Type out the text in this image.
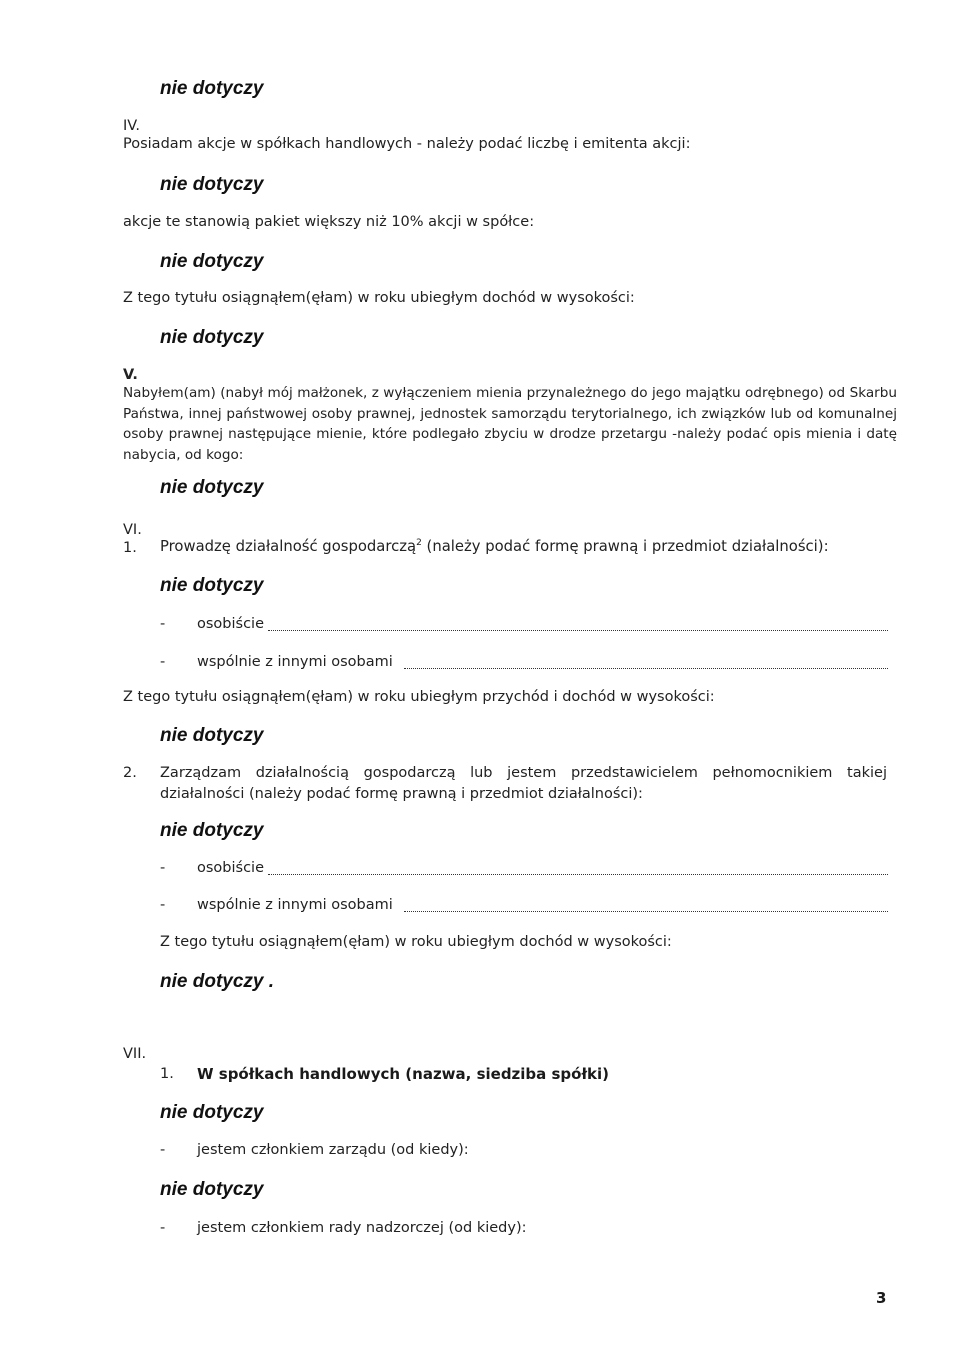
nie dotyczy
IV.
Posiadam akcje w spółkach handlowych - należy podać liczbę i emitenta akcji:
nie dotyczy
akcje te stanowią pakiet większy niż 10% akcji w spółce:
nie dotyczy
Z tego tytułu osiągnąłem(ęłam) w roku ubiegłym dochód w wysokości:
nie dotyczy
V.
Nabyłem(am) (nabył mój małżonek, z wyłączeniem mienia przynależnego do jego majątku odrębnego) od Skarbu Państwa, innej państwowej osoby prawnej, jednostek samorządu terytorialnego, ich związków lub od komunalnej osoby prawnej następujące mienie, które podlegało zbyciu w drodze przetargu -należy podać opis mienia i datę nabycia, od kogo:
nie dotyczy
VI.
1. Prowadzę działalność gospodarczą$^2$ (należy podać formę prawną i przedmiot działalności):
nie dotyczy
- osobiście
- wspólnie z innymi osobami
Z tego tytułu osiągnąłem(ęłam) w roku ubiegłym przychód i dochód w wysokości:
nie dotyczy
2. Zarządzam działalnością gospodarczą lub jestem przedstawicielem pełnomocnikiem takiej działalności (należy podać formę prawną i przedmiot działalności):
nie dotyczy
- osobiście
- wspólnie z innymi osobami
Z tego tytułu osiągnąłem(ęłam) w roku ubiegłym dochód w wysokości:
nie dotyczy .
VII.
1. W spółkach handlowych (nazwa, siedziba spółki)
nie dotyczy
- jestem członkiem zarządu (od kiedy):
nie dotyczy
- jestem członkiem rady nadzorczej (od kiedy):
3
